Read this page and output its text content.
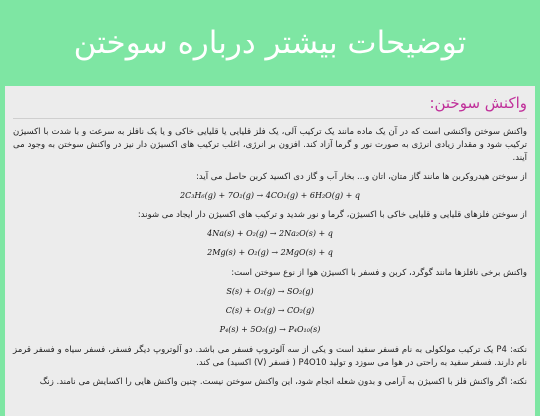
توضیحات بیشتر درباره سوختن
واکنش سوختن:

واکنش سوختن واکنشی است که در آن یک ماده مانند یک ترکیب آلی، یک فلز قلیایی یا قلیایی خاکی و یا یک نافلز به سرعت و با شدت با اکسیژن ترکیب شود و مقدار زیادی انرژی به صورت نور و گرما آزاد کند. افزون بر انرژی، اغلب ترکیب های اکسیژن دار نیز در واکنش سوختن به وجود می آیند.

از سوختن هیدروکربن ها مانند گاز متان، اتان و... بخار آب و گاز دی اکسید کربن حاصل می آید:

2C₃H₆(g) + 7O₂(g) → 4CO₂(g) + 6H₂O(g) + q

از سوختن فلزهای قلیایی و قلیایی خاکی با اکسیژن، گرما و نور شدید و ترکیب های اکسیژن دار ایجاد می شوند:

4Na(s) + O₂(g) → 2Na₂O(s) + q
2Mg(s) + O₂(g) → 2MgO(s) + q

واکنش برخی نافلزها مانند گوگرد، کربن و فسفر با اکسیژن هوا از نوع سوختن است:

S(s) + O₂(g) → SO₂(g)
C(s) + O₂(g) → CO₂(g)
P₄(s) + 5O₂(g) → P₄O₁₀(s)

نکته: P4 یک ترکیب مولکولی به نام فسفر سفید است و یکی از سه آلوتروپ فسفر می باشد. دو آلوتروپ دیگر فسفر، فسفر سیاه و فسفر قرمز نام دارند. فسفر سفید به راحتی در هوا می سوزد و تولید P4O10 ( فسفر (V) اکسید) می کند.

نکته: اگر واکنش فلز با اکسیژن به آرامی و بدون شعله انجام شود، این واکنش سوختن نیست. چنین واکنش هایی را اکسایش می نامند. زنگ
